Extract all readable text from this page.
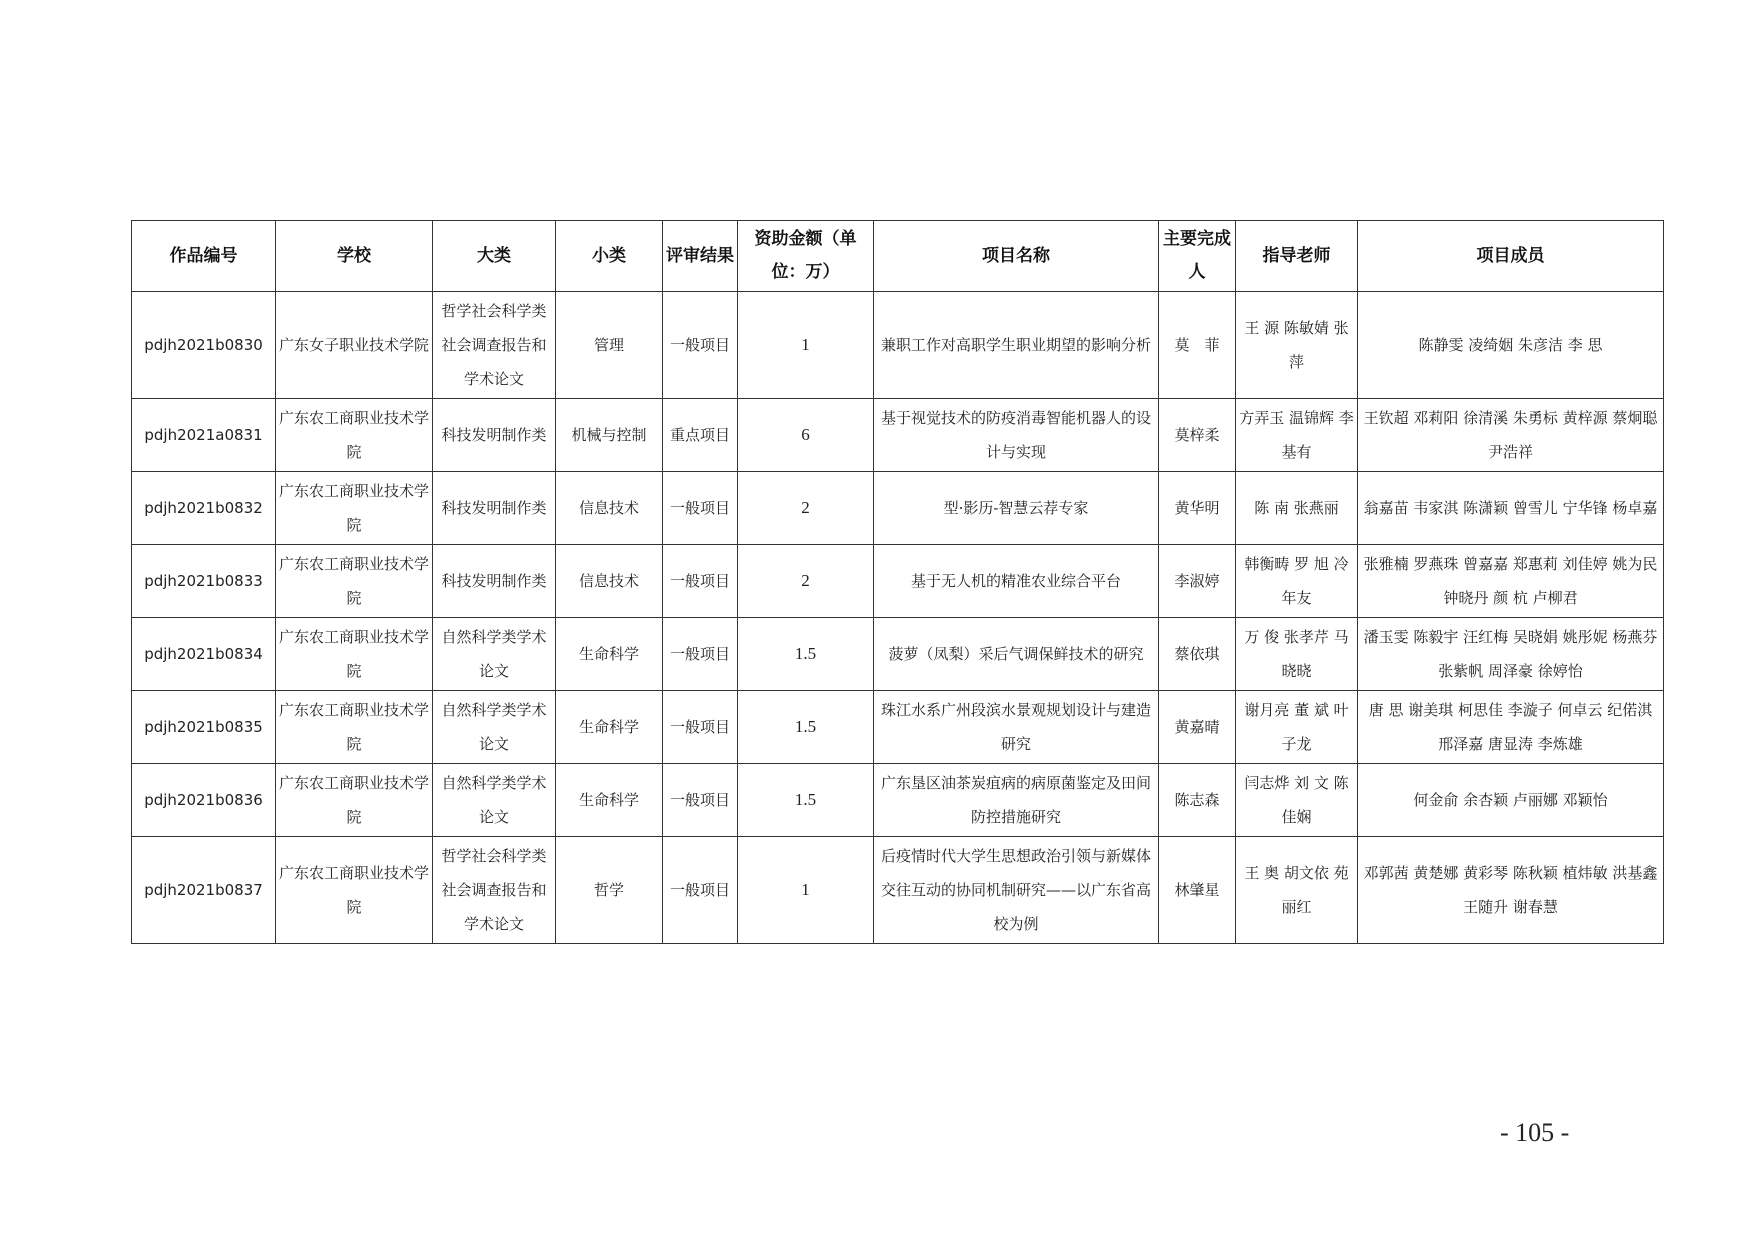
作品编号	学校	大类	小类	评审结果	资助金额（单位：万）	项目名称	主要完成人	指导老师	项目成员
pdjh2021b0830	广东女子职业技术学院	哲学社会科学类社会调查报告和学术论文	管理	一般项目	1	兼职工作对高职学生职业期望的影响分析	莫　菲	王 源 陈敏婧 张 萍	陈静雯 凌绮姻 朱彦洁 李 思
pdjh2021a0831	广东农工商职业技术学院	科技发明制作类	机械与控制	重点项目	6	基于视觉技术的防疫消毒智能机器人的设计与实现	莫梓柔	方弄玉 温锦辉 李基有	王钦超 邓莉阳 徐清溪 朱勇标 黄梓源 蔡炯聪 尹浩祥
pdjh2021b0832	广东农工商职业技术学院	科技发明制作类	信息技术	一般项目	2	型·影历-智慧云荐专家	黄华明	陈 南 张燕丽	翁嘉苗 韦家淇 陈潇颖 曾雪儿 宁华锋 杨卓嘉
pdjh2021b0833	广东农工商职业技术学院	科技发明制作类	信息技术	一般项目	2	基于无人机的精准农业综合平台	李淑婷	韩衡畴 罗 旭 冷年友	张雅楠 罗燕珠 曾嘉嘉 郑惠莉 刘佳婷 姚为民 钟晓丹 颜 杭 卢柳君
pdjh2021b0834	广东农工商职业技术学院	自然科学类学术论文	生命科学	一般项目	1.5	菠萝（凤梨）采后气调保鲜技术的研究	蔡依琪	万 俊 张孝芹 马晓晓	潘玉雯 陈毅宇 汪红梅 吴晓娟 姚彤妮 杨燕芬 张紫帆 周泽豪 徐婷怡
pdjh2021b0835	广东农工商职业技术学院	自然科学类学术论文	生命科学	一般项目	1.5	珠江水系广州段滨水景观规划设计与建造研究	黄嘉晴	谢月亮 董 斌 叶子龙	唐 思 谢美琪 柯思佳 李漩子 何卓云 纪偌淇 邢泽嘉 唐显涛 李炼雄
pdjh2021b0836	广东农工商职业技术学院	自然科学类学术论文	生命科学	一般项目	1.5	广东垦区油茶炭疽病的病原菌鉴定及田间防控措施研究	陈志森	闫志烨 刘 文 陈佳娴	何金俞 余杏颖 卢丽娜 邓颖怡
pdjh2021b0837	广东农工商职业技术学院	哲学社会科学类社会调查报告和学术论文	哲学	一般项目	1	后疫情时代大学生思想政治引领与新媒体交往互动的协同机制研究——以广东省高校为例	林肇星	王 奥 胡文依 苑丽红	邓郭茜 黄楚娜 黄彩琴 陈秋颖 植炜敏 洪基鑫 王随升 谢春慧
- 105 -
